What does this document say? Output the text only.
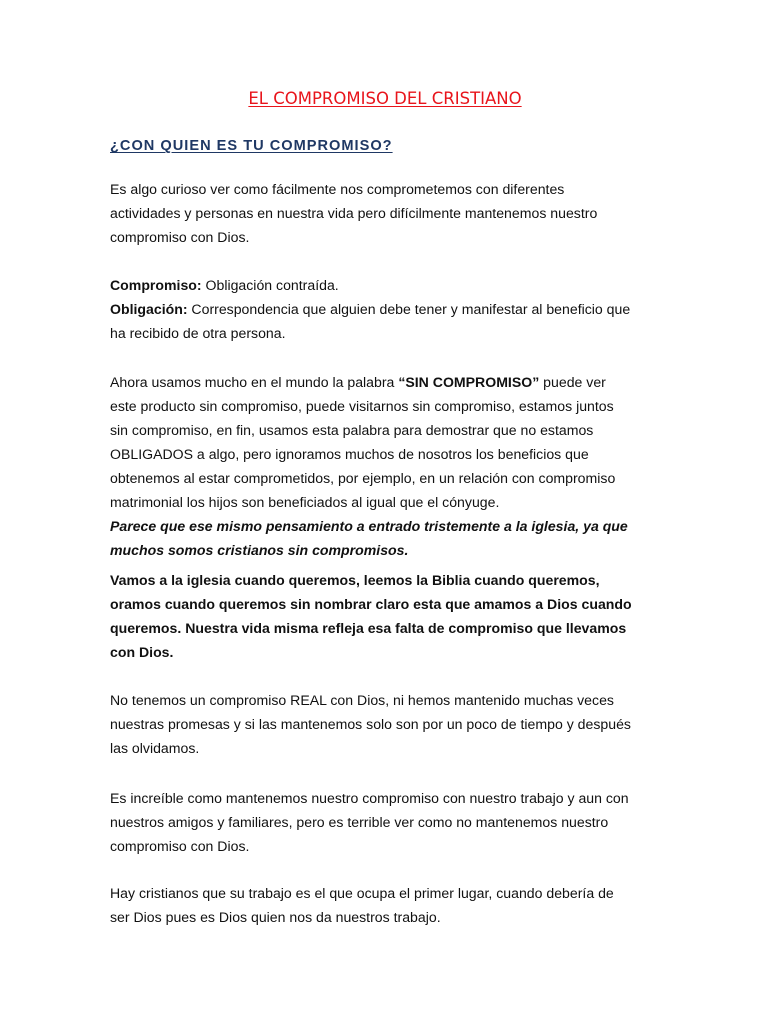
EL COMPROMISO DEL CRISTIANO
¿CON QUIEN ES TU COMPROMISO?

Es algo curioso ver como fácilmente nos comprometemos con diferentes
actividades y personas en nuestra vida pero difícilmente mantenemos nuestro
compromiso con Dios.

Compromiso: Obligación contraída.
Obligación: Correspondencia que alguien debe tener y manifestar al beneficio que
ha recibido de otra persona.

Ahora usamos mucho en el mundo la palabra “SIN COMPROMISO” puede ver
este producto sin compromiso, puede visitarnos sin compromiso, estamos juntos
sin compromiso, en fin, usamos esta palabra para demostrar que no estamos
OBLIGADOS a algo, pero ignoramos muchos de nosotros los beneficios que
obtenemos al estar comprometidos, por ejemplo, en un relación con compromiso
matrimonial los hijos son beneficiados al igual que el cónyuge.

Parece que ese mismo pensamiento a entrado tristemente a la iglesia, ya que
muchos somos cristianos sin compromisos.

Vamos a la iglesia cuando queremos, leemos la Biblia cuando queremos,
oramos cuando queremos sin nombrar claro esta que amamos a Dios cuando
queremos. Nuestra vida misma refleja esa falta de compromiso que llevamos
con Dios.

No tenemos un compromiso REAL con Dios, ni hemos mantenido muchas veces
nuestras promesas y si las mantenemos solo son por un poco de tiempo y después
las olvidamos.

Es increíble como mantenemos nuestro compromiso con nuestro trabajo y aun con
nuestros amigos y familiares, pero es terrible ver como no mantenemos nuestro
compromiso con Dios.

Hay cristianos que su trabajo es el que ocupa el primer lugar, cuando debería de
ser Dios pues es Dios quien nos da nuestros trabajo.
